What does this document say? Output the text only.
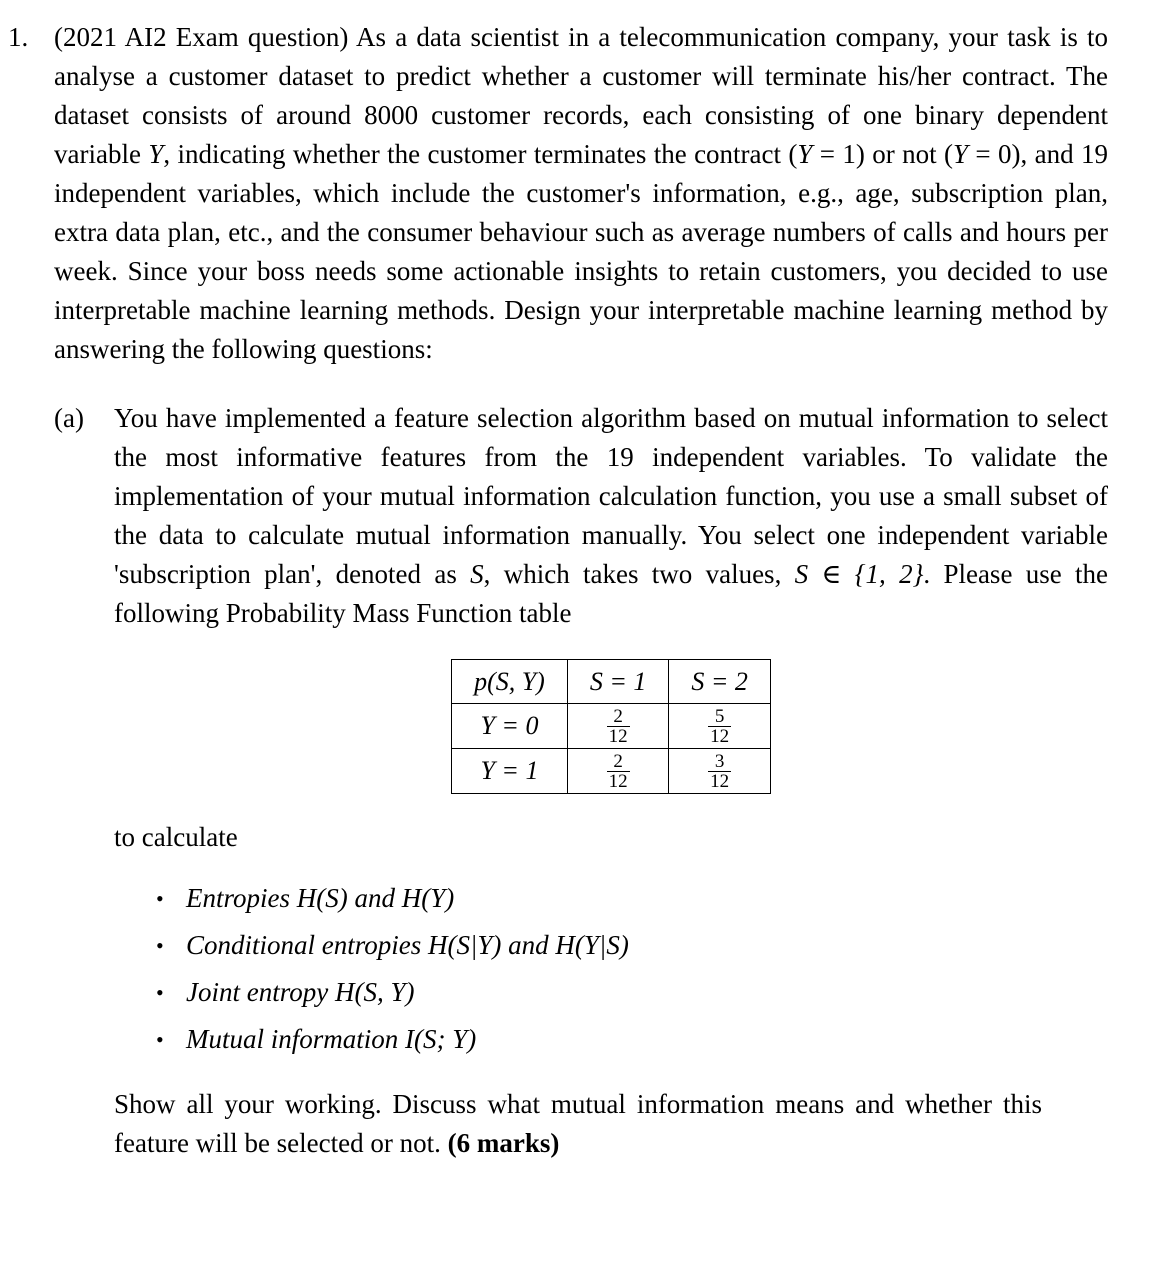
1. (2021 AI2 Exam question) As a data scientist in a telecommunication company, your task is to analyse a customer dataset to predict whether a customer will terminate his/her contract. The dataset consists of around 8000 customer records, each consisting of one binary dependent variable Y, indicating whether the customer terminates the contract (Y = 1) or not (Y = 0), and 19 independent variables, which include the customer's information, e.g., age, subscription plan, extra data plan, etc., and the consumer behaviour such as average numbers of calls and hours per week. Since your boss needs some actionable insights to retain customers, you decided to use interpretable machine learning methods. Design your interpretable machine learning method by answering the following questions:
(a) You have implemented a feature selection algorithm based on mutual information to select the most informative features from the 19 independent variables. To validate the implementation of your mutual information calculation function, you use a small subset of the data to calculate mutual information manually. You select one independent variable 'subscription plan', denoted as S, which takes two values, S ∈ {1, 2}. Please use the following Probability Mass Function table
p(S, Y)	S = 1	S = 2
Y = 0	$\frac{2}{12}$	$\frac{5}{12}$

Y = 1	$\frac{2}{12}$	$\frac{3}{12}$
to calculate
• Entropies H(S) and H(Y)
• Conditional entropies H(S|Y) and H(Y|S)
• Joint entropy H(S, Y)
• Mutual information I(S; Y)
Show all your working. Discuss what mutual information means and whether this feature will be selected or not. (6 marks)
